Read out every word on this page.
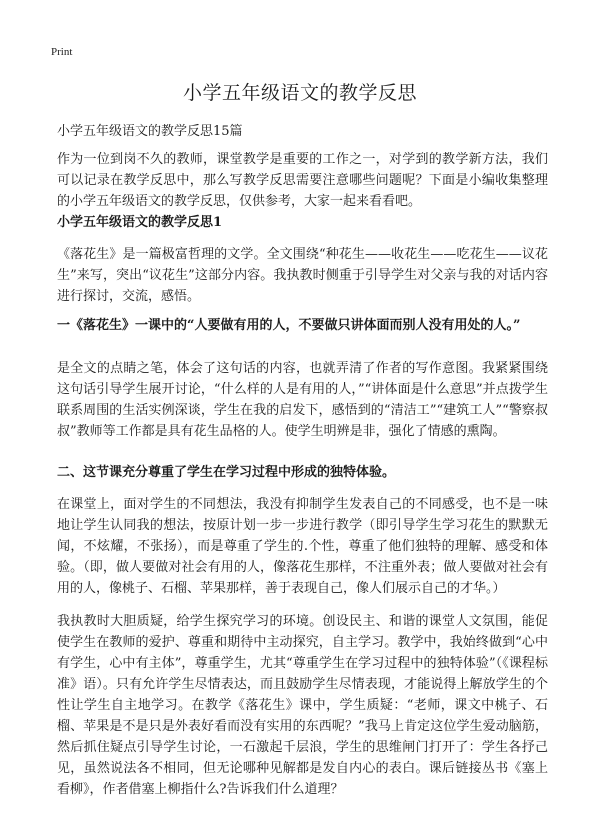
Print
小学五年级语文的教学反思
小学五年级语文的教学反思15篇

作为一位到岗不久的教师，课堂教学是重要的工作之一，对学到的教学新方法，我们可以记录在教学反思中，那么写教学反思需要注意哪些问题呢？下面是小编收集整理的小学五年级语文的教学反思，仅供参考，大家一起来看看吧。

小学五年级语文的教学反思1

《落花生》是一篇极富哲理的文学。全文围绕“种花生——收花生——吃花生——议花生”来写，突出“议花生”这部分内容。我执教时侧重于引导学生对父亲与我的对话内容进行探讨，交流，感悟。

一《落花生》一课中的“人要做有用的人，不要做只讲体面而别人没有用处的人。”

是全文的点睛之笔，体会了这句话的内容，也就弄清了作者的写作意图。我紧紧围绕这句话引导学生展开讨论，“什么样的人是有用的人，”“讲体面是什么意思”并点拨学生联系周围的生活实例深谈，学生在我的启发下，感悟到的“清洁工”“建筑工人”“警察叔叔”教师等工作都是具有花生品格的人。使学生明辨是非，强化了情感的熏陶。

二、这节课充分尊重了学生在学习过程中形成的独特体验。

在课堂上，面对学生的不同想法，我没有抑制学生发表自己的不同感受，也不是一味地让学生认同我的想法，按原计划一步一步进行教学（即引导学生学习花生的默默无闻，不炫耀，不张扬），而是尊重了学生的.个性，尊重了他们独特的理解、感受和体验。（即，做人要做对社会有用的人，像落花生那样，不注重外表；做人要做对社会有用的人，像桃子、石榴、苹果那样，善于表现自己，像人们展示自己的才华。）

我执教时大胆质疑，给学生探究学习的环境。创设民主、和谐的课堂人文氛围，能促使学生在教师的爱护、尊重和期待中主动探究，自主学习。教学中，我始终做到“心中有学生，心中有主体”，尊重学生，尤其“尊重学生在学习过程中的独特体验”（《课程标准》语）。只有允许学生尽情表达，而且鼓励学生尽情表现，才能说得上解放学生的个性让学生自主地学习。在教学《落花生》课中，学生质疑：“老师，课文中桃子、石榴、苹果是不是只是外表好看而没有实用的东西呢？”我马上肯定这位学生爱动脑筋，然后抓住疑点引导学生讨论，一石激起千层浪，学生的思维闸门打开了：学生各抒己见，虽然说法各不相同，但无论哪种见解都是发自内心的表白。课后链接丛书《塞上看柳》，作者借塞上柳指什么?告诉我们什么道理？
